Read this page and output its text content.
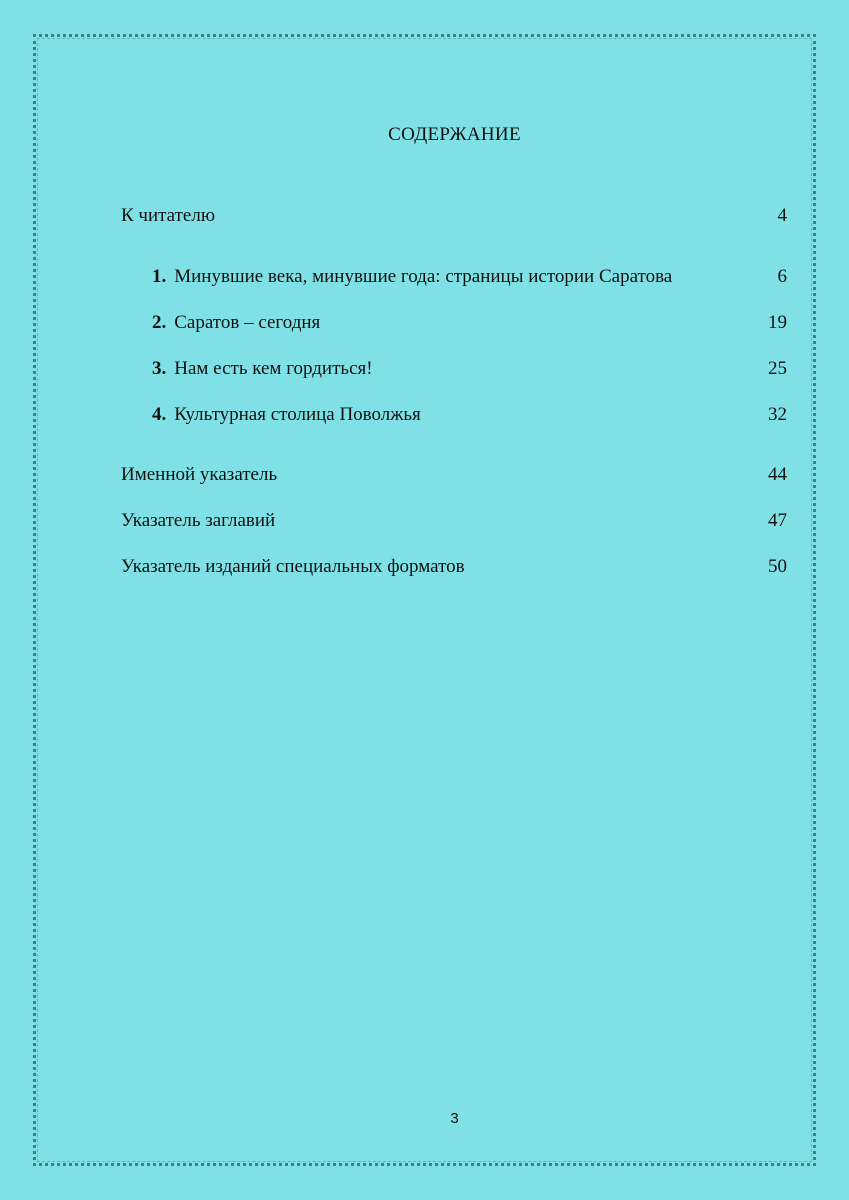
СОДЕРЖАНИЕ
К читателю	4
1. Минувшие века, минувшие года: страницы истории Саратова	6
2. Саратов – сегодня	19
3. Нам есть кем гордиться!	25
4. Культурная столица Поволжья	32
Именной указатель	44
Указатель заглавий	47
Указатель изданий специальных форматов	50
3
